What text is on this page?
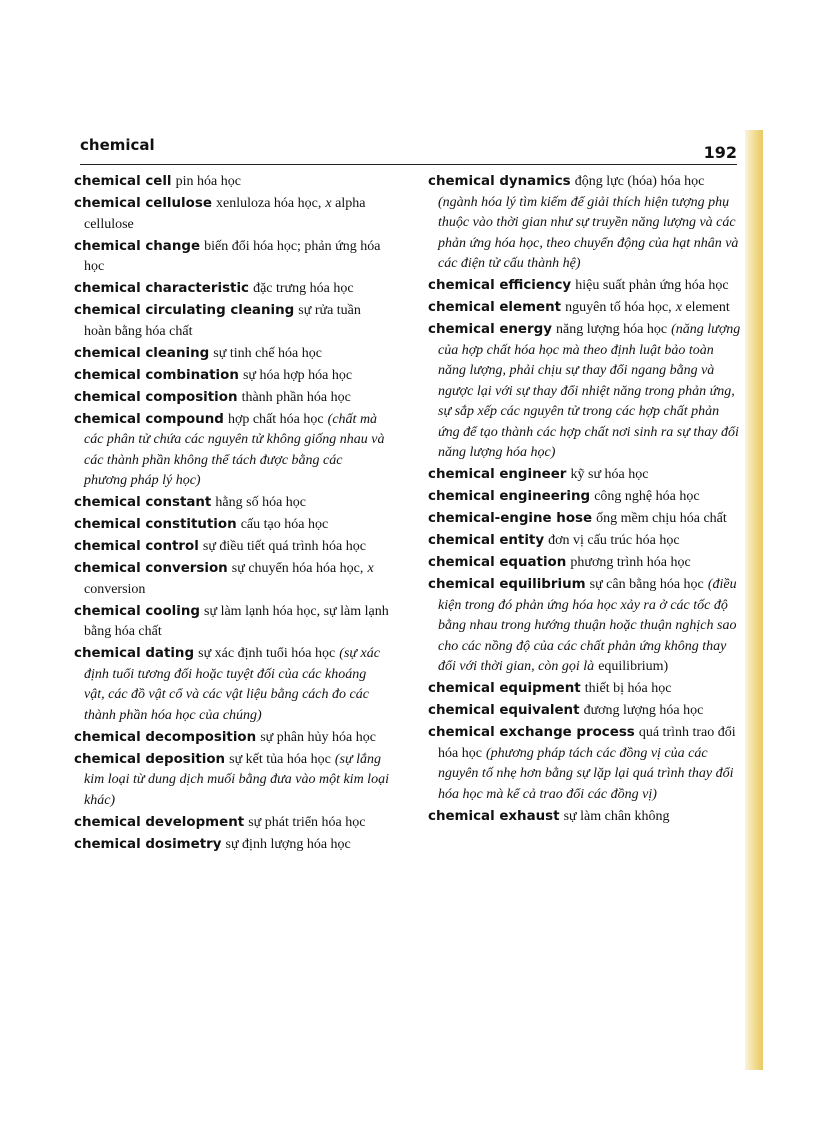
chemical	192

chemical cell pin hóa học

chemical cellulose xenluloza hóa học, x alpha cellulose

chemical change biến đổi hóa học; phản ứng hóa học

chemical characteristic đặc trưng hóa học

chemical circulating cleaning sự rửa tuần hoàn bằng hóa chất

chemical cleaning sự tinh chế hóa học

chemical combination sự hóa hợp hóa học

chemical composition thành phần hóa học

chemical compound hợp chất hóa học (chất mà các phân tử chứa các nguyên tử không giống nhau và các thành phần không thể tách được bằng các phương pháp lý học)

chemical constant hằng số hóa học

chemical constitution cấu tạo hóa học

chemical control sự điều tiết quá trình hóa học

chemical conversion sự chuyển hóa hóa học, x conversion

chemical cooling sự làm lạnh hóa học, sự làm lạnh bằng hóa chất

chemical dating sự xác định tuổi hóa học (sự xác định tuổi tương đối hoặc tuyệt đối của các khoáng vật, các đồ vật cổ và các vật liệu bằng cách đo các thành phần hóa học của chúng)

chemical decomposition sự phân hủy hóa học

chemical deposition sự kết tủa hóa học (sự lắng kim loại từ dung dịch muối bằng đưa vào một kim loại khác)

chemical development sự phát triển hóa học

chemical dosimetry sự định lượng hóa học

chemical dynamics động lực (hóa) hóa học (ngành hóa lý tìm kiếm để giải thích hiện tượng phụ thuộc vào thời gian như sự truyền năng lượng và các phản ứng hóa học, theo chuyển động của hạt nhân và các điện tử cấu thành hệ)

chemical efficiency hiệu suất phản ứng hóa học

chemical element nguyên tố hóa học, x element

chemical energy năng lượng hóa học (năng lượng của hợp chất hóa học mà theo định luật bảo toàn năng lượng, phải chịu sự thay đổi ngang bằng và ngược lại với sự thay đổi nhiệt năng trong phản ứng, sự sắp xếp các nguyên tử trong các hợp chất phản ứng để tạo thành các hợp chất nơi sinh ra sự thay đổi năng lượng hóa học)

chemical engineer kỹ sư hóa học

chemical engineering công nghệ hóa học

chemical-engine hose ống mềm chịu hóa chất

chemical entity đơn vị cấu trúc hóa học

chemical equation phương trình hóa học

chemical equilibrium sự cân bằng hóa học (điều kiện trong đó phản ứng hóa học xảy ra ở các tốc độ bằng nhau trong hướng thuận hoặc thuận nghịch sao cho các nồng độ của các chất phản ứng không thay đổi với thời gian, còn gọi là equilibrium)

chemical equipment thiết bị hóa học

chemical equivalent đương lượng hóa học

chemical exchange process quá trình trao đổi hóa học (phương pháp tách các đồng vị của các nguyên tố nhẹ hơn bằng sự lặp lại quá trình thay đổi hóa học mà kể cả trao đổi các đồng vị)

chemical exhaust sự làm chân không
